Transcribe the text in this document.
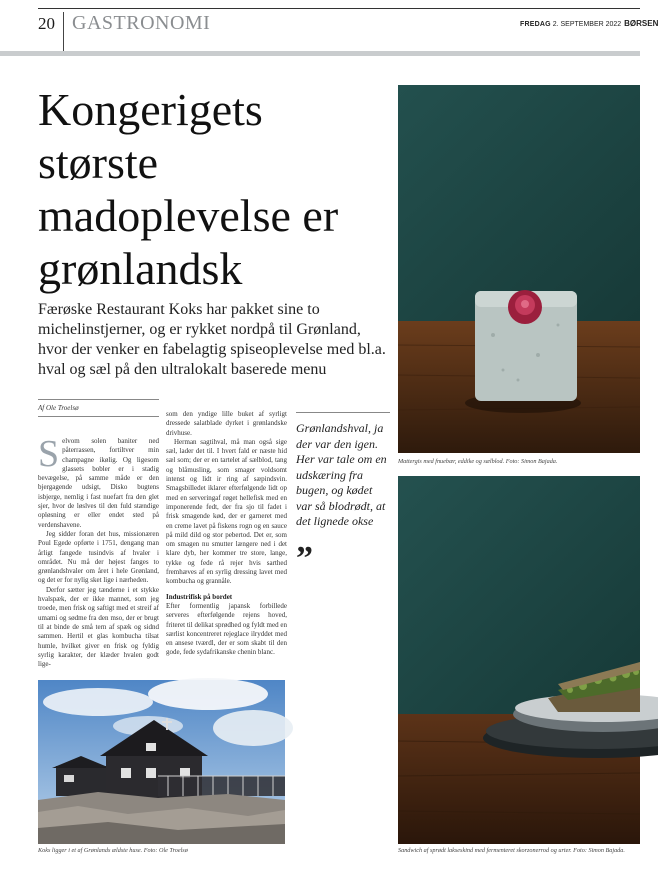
20 GASTRONOMI	FREDAG 2. SEPTEMBER 2022 BØRSEN
Kongerigets største madoplevelse er grønlandsk

Færøske Restaurant Koks har pakket sine to michelinstjerner, og er rykket nordpå til Grønland, hvor der venker en fabelagtig spiseoplevelse med bl.a. hval og sæl på den ultralokalt baserede menu

Af Ole Troelsø
S elvom solen baniter ned påterrassen, fortiltver min champagne ikølig. Og ligesom glassets bobler er i stadig bevægelse, på samme måde er den bjergagende udsigt, Disko bugtens isbjerge, nemlig i fast nuefart fra den glet sjer, hvor de løslves til den fuld stændige opløsning er eller endet sted på verdenshavene.

Jeg sidder foran det hus, missionæren Poul Egede opførte i 1751, dengang man årligt fangede tusindvis af hvaler i området. Nu må der højest fanges to grønlandshvaler om året i hele Grønland, og det er for nylig sket lige i nærheden.

Derfor sætter jeg tænderne i et stykke hvalspæk, der er ikke mannet, som jeg troede, men frisk og saftigt med et streif af umami og sødme fra den mso, der er brugt til at binde de små tern af spæk og sidnd sammen. Hertil et glas kombucha tilsat humle, hvilket giver en frisk og fyldig syrlig karakter, der klæder hvalen godt lige-

som den yndige lille buket af syrligt dressede salatblade dyrket i grønlandske drivhuse.

Herman sagtihval, må man også sige sæl, lader det til. I hvert fald er næste hid sæl som; der er en tartelet af sælblod, tang og blåmusling, som smager voldsomt intenst og lidt ir ring af sæpindsvin. Smagsbilledet iklarer efterfølgende lidt op med en serveringaf røget hellefisk med en imponerende fedt, der fra sjo til fadet i frisk smagende kød, der er garneret med en creme lavet på fiskens rogn og en sauce på mild dild og stor pebertod. Det er, som om smagen nu smutter længere ned i det klare dyb, her kommer tre store, lange, tykke og fede rå rejer hvis sarthed fremhæves af en syrlig dressing lavet med kombucha og grannåle.

Industrifisk på bordet

Efter formentlig japansk forbillede serveres efterfølgende rejens hoved, friteret til delikat sprødhed og fyldt med en særlist koncentreret rejeglace ilryddet med en ansese tværdl, der er som skabt til den gode, fede sydafrikanske chenin blanc.

Grønlandshval, ja der var den igen. Her var tale om en udskæring fra bugen, og kødet var så blodrødt, at det lignede okse
”
Koks ligger i et af Grønlands ældste huse. Foto: Ole Troelsø
Mattergis med fnuebær, eddike og sælblod. Foto: Simon Bajada.
Sandwich af sprødt lakseskind med fermenteret skorzonerrod og urter. Foto: Simon Bajada.
